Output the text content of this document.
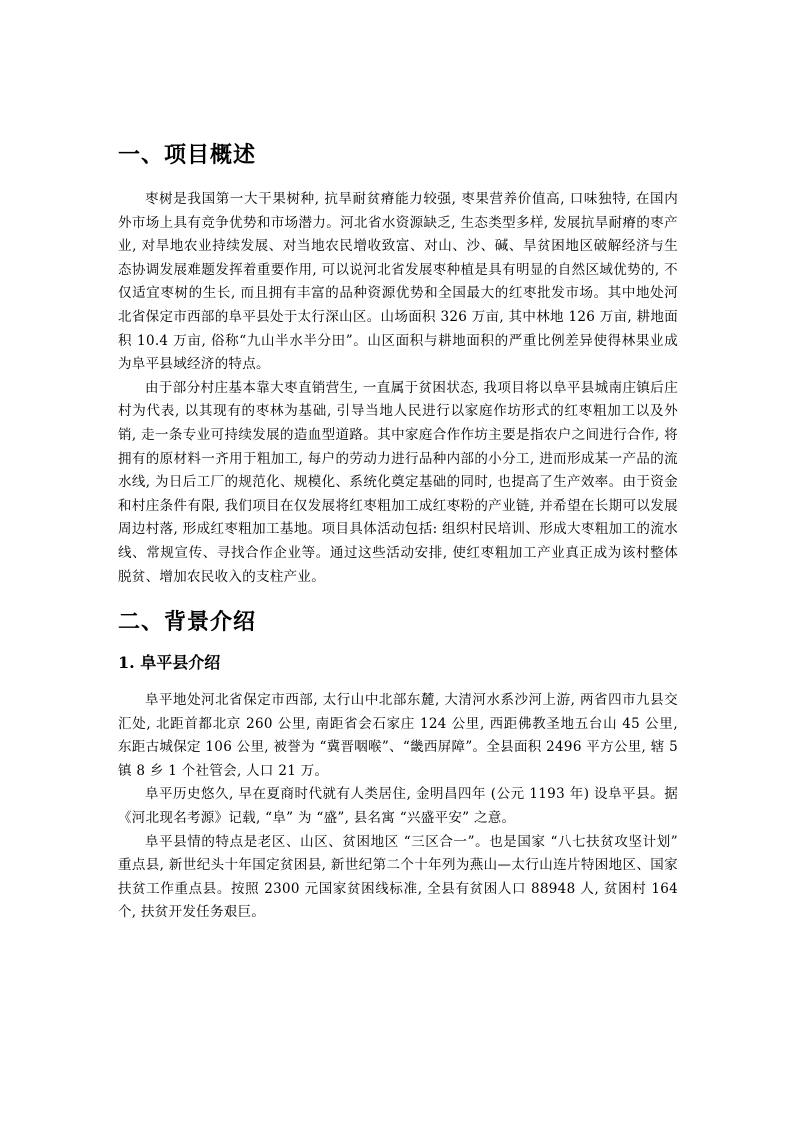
一、项目概述

枣树是我国第一大干果树种, 抗旱耐贫瘠能力较强, 枣果营养价值高, 口味独特, 在国内外市场上具有竞争优势和市场潜力。河北省水资源缺乏, 生态类型多样, 发展抗旱耐瘠的枣产业, 对旱地农业持续发展、对当地农民增收致富、对山、沙、碱、旱贫困地区破解经济与生态协调发展难题发挥着重要作用, 可以说河北省发展枣种植是具有明显的自然区域优势的, 不仅适宜枣树的生长, 而且拥有丰富的品种资源优势和全国最大的红枣批发市场。其中地处河北省保定市西部的阜平县处于太行深山区。山场面积 326 万亩, 其中林地 126 万亩, 耕地面积 10.4 万亩, 俗称“九山半水半分田”。山区面积与耕地面积的严重比例差异使得林果业成为阜平县域经济的特点。

由于部分村庄基本靠大枣直销营生, 一直属于贫困状态, 我项目将以阜平县城南庄镇后庄村为代表, 以其现有的枣林为基础, 引导当地人民进行以家庭作坊形式的红枣粗加工以及外销, 走一条专业可持续发展的造血型道路。其中家庭合作作坊主要是指农户之间进行合作, 将拥有的原材料一齐用于粗加工, 每户的劳动力进行品种内部的小分工, 进而形成某一产品的流水线, 为日后工厂的规范化、规模化、系统化奠定基础的同时, 也提高了生产效率。由于资金和村庄条件有限, 我们项目在仅发展将红枣粗加工成红枣粉的产业链, 并希望在长期可以发展周边村落, 形成红枣粗加工基地。项目具体活动包括: 组织村民培训、形成大枣粗加工的流水线、常规宣传、寻找合作企业等。通过这些活动安排, 使红枣粗加工产业真正成为该村整体脱贫、增加农民收入的支柱产业。

二、背景介绍
1. 阜平县介绍

阜平地处河北省保定市西部, 太行山中北部东麓, 大清河水系沙河上游, 两省四市九县交汇处, 北距首都北京 260 公里, 南距省会石家庄 124 公里, 西距佛教圣地五台山 45 公里, 东距古城保定 106 公里, 被誉为 “冀晋咽喉”、“畿西屏障”。全县面积 2496 平方公里, 辖 5 镇 8 乡 1 个社管会, 人口 21 万。

阜平历史悠久, 早在夏商时代就有人类居住, 金明昌四年 (公元 1193 年) 设阜平县。据《河北现名考源》记载, “阜” 为 “盛”, 县名寓 “兴盛平安” 之意。

阜平县情的特点是老区、山区、贫困地区 “三区合一”。也是国家 “八七扶贫攻坚计划” 重点县, 新世纪头十年国定贫困县, 新世纪第二个十年列为燕山—太行山连片特困地区、国家扶贫工作重点县。按照 2300 元国家贫困线标准, 全县有贫困人口 88948 人, 贫困村 164 个, 扶贫开发任务艰巨。
